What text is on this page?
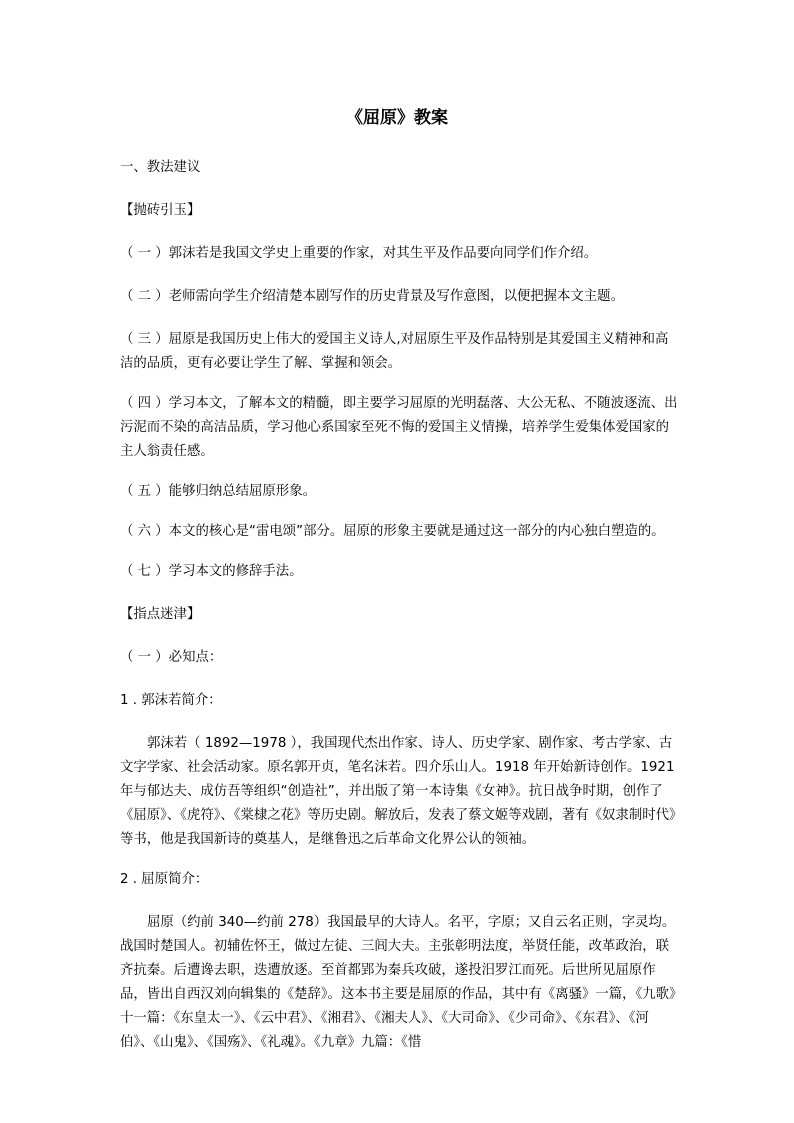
《屈原》教案

一、教法建议

【抛砖引玉】

（ 一 ）郭沫若是我国文学史上重要的作家，对其生平及作品要向同学们作介绍。

（ 二 ）老师需向学生介绍清楚本剧写作的历史背景及写作意图，以便把握本文主题。

（ 三 ）屈原是我国历史上伟大的爱国主义诗人,对屈原生平及作品特别是其爱国主义精神和高洁的品质，更有必要让学生了解、掌握和领会。

（ 四 ）学习本文，了解本文的精髓，即主要学习屈原的光明磊落、大公无私、不随波逐流、出污泥而不染的高洁品质，学习他心系国家至死不悔的爱国主义情操，培养学生爱集体爱国家的主人翁责任感。

（ 五 ）能够归纳总结屈原形象。

（ 六 ）本文的核心是“雷电颂”部分。屈原的形象主要就是通过这一部分的内心独白塑造的。

（ 七 ）学习本文的修辞手法。

【指点迷津】

（ 一 ）必知点：

1 . 郭沫若简介：

郭沫若（ 1892—1978 ），我国现代杰出作家、诗人、历史学家、剧作家、考古学家、古文字学家、社会活动家。原名郭开贞，笔名沫若。四介乐山人。1918 年开始新诗创作。1921年与郁达夫、成仿吾等组织“创造社”，并出版了第一本诗集《女神》。抗日战争时期，创作了《屈原》、《虎符》、《棠棣之花》等历史剧。解放后，发表了蔡文姬等戏剧，著有《奴隶制时代》等书，他是我国新诗的奠基人，是继鲁迅之后革命文化界公认的领袖。

2 . 屈原简介：

屈原（约前 340—约前 278）我国最早的大诗人。名平，字原；又自云名正则，字灵均。战国时楚国人。初辅佐怀王，做过左徒、三闾大夫。主张彰明法度，举贤任能，改革政治，联齐抗秦。后遭谗去职，迭遭放逐。至首都郢为秦兵攻破，遂投汨罗江而死。后世所见屈原作品，皆出自西汉刘向辑集的《楚辞》。这本书主要是屈原的作品，其中有《离骚》一篇，《九歌》十一篇：《东皇太一》、《云中君》、《湘君》、《湘夫人》、《大司命》、《少司命》、《东君》、《河伯》、《山鬼》、《国殇》、《礼魂》。《九章》九篇：《惜
